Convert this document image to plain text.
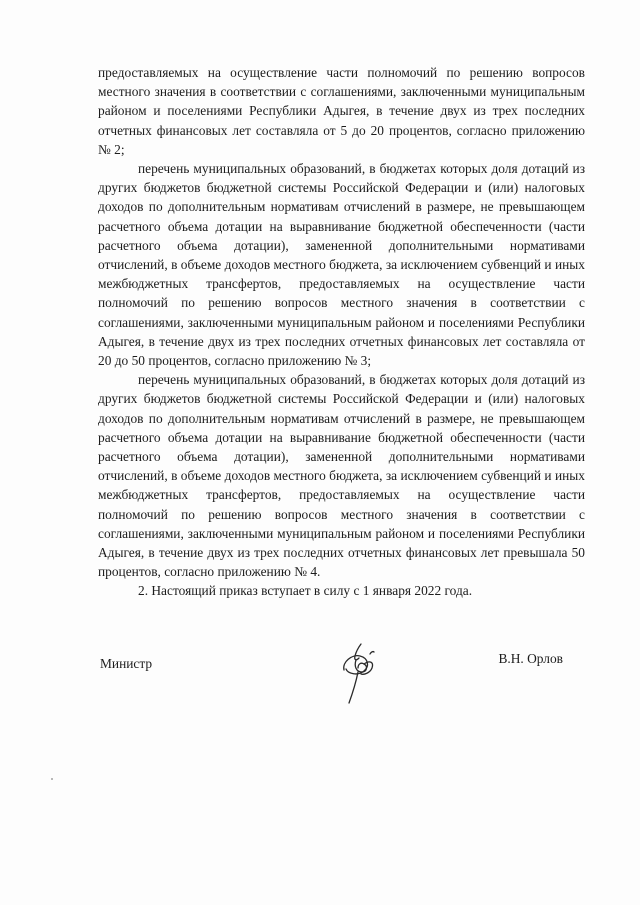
предоставляемых на осуществление части полномочий по решению вопросов местного значения в соответствии с соглашениями, заключенными муниципальным районом и поселениями Республики Адыгея, в течение двух из трех последних отчетных финансовых лет составляла от 5 до 20 процентов, согласно приложению № 2;

перечень муниципальных образований, в бюджетах которых доля дотаций из других бюджетов бюджетной системы Российской Федерации и (или) налоговых доходов по дополнительным нормативам отчислений в размере, не превышающем расчетного объема дотации на выравнивание бюджетной обеспеченности (части расчетного объема дотации), замененной дополнительными нормативами отчислений, в объеме доходов местного бюджета, за исключением субвенций и иных межбюджетных трансфертов, предоставляемых на осуществление части полномочий по решению вопросов местного значения в соответствии с соглашениями, заключенными муниципальным районом и поселениями Республики Адыгея, в течение двух из трех последних отчетных финансовых лет составляла от 20 до 50 процентов, согласно приложению № 3;

перечень муниципальных образований, в бюджетах которых доля дотаций из других бюджетов бюджетной системы Российской Федерации и (или) налоговых доходов по дополнительным нормативам отчислений в размере, не превышающем расчетного объема дотации на выравнивание бюджетной обеспеченности (части расчетного объема дотации), замененной дополнительными нормативами отчислений, в объеме доходов местного бюджета, за исключением субвенций и иных межбюджетных трансфертов, предоставляемых на осуществление части полномочий по решению вопросов местного значения в соответствии с соглашениями, заключенными муниципальным районом и поселениями Республики Адыгея, в течение двух из трех последних отчетных финансовых лет превышала 50 процентов, согласно приложению № 4.

2. Настоящий приказ вступает в силу с 1 января 2022 года.

Министр	В.Н. Орлов
